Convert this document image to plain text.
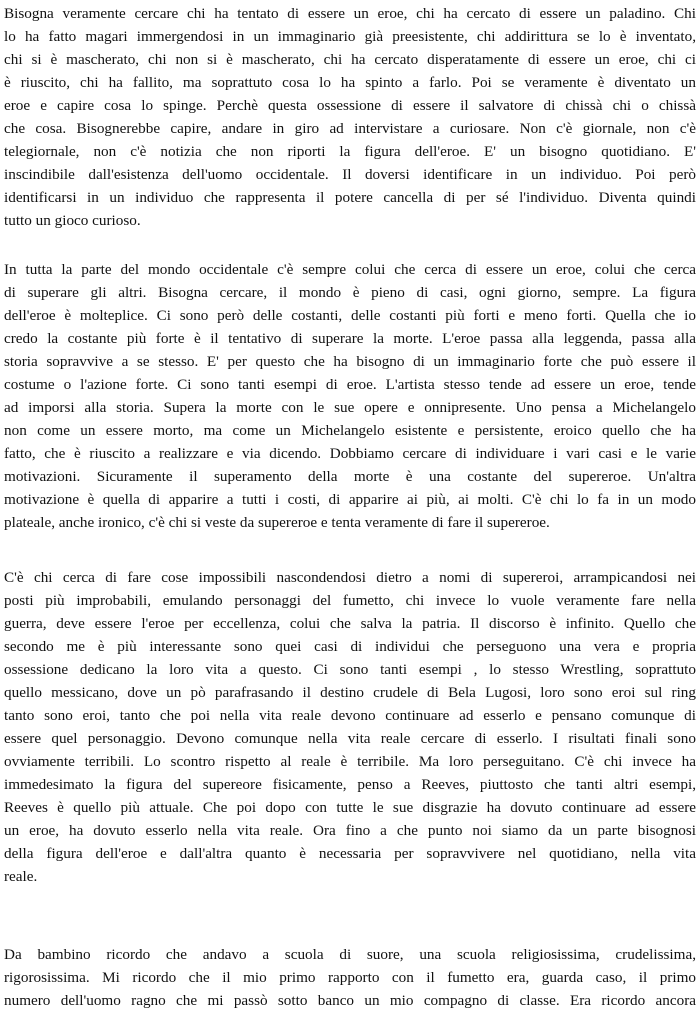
Bisogna veramente cercare chi ha tentato di essere un eroe, chi ha cercato di essere un paladino. Chi
lo ha fatto magari immergendosi in un immaginario già preesistente, chi addirittura se lo è inventato,
chi si è mascherato, chi non si è mascherato, chi ha cercato disperatamente di essere un eroe, chi ci
è riuscito, chi ha fallito, ma soprattuto cosa lo ha spinto a farlo. Poi se veramente è diventato un
eroe e capire cosa lo spinge. Perchè questa ossessione di essere il salvatore di chissà chi o chissà
che cosa. Bisognerebbe capire, andare in giro ad intervistare a curiosare. Non c'è giornale, non c'è
telegiornale, non c'è notizia che non riporti la figura dell'eroe. E' un bisogno quotidiano. E'
inscindibile dall'esistenza dell'uomo occidentale. Il doversi identificare in un individuo. Poi però
identificarsi in un individuo che rappresenta il potere cancella di per sé l'individuo. Diventa quindi
tutto un gioco curioso.
In tutta la parte del mondo occidentale c'è sempre colui che cerca di essere un eroe, colui che cerca
di superare gli altri. Bisogna cercare, il mondo è pieno di casi, ogni giorno, sempre. La figura
dell'eroe è molteplice. Ci sono però delle costanti, delle costanti più forti e meno forti. Quella che io
credo la costante più forte è il tentativo di superare la morte. L'eroe passa alla leggenda, passa alla
storia sopravvive a se stesso. E' per questo che ha bisogno di un immaginario forte che può essere il
costume o l'azione forte. Ci sono tanti esempi di eroe. L'artista stesso tende ad essere un eroe, tende
ad imporsi alla storia. Supera la morte con le sue opere e onnipresente. Uno pensa a Michelangelo
non come un essere morto, ma come un Michelangelo esistente e persistente, eroico quello che ha
fatto, che è riuscito a realizzare e via dicendo. Dobbiamo cercare di individuare i vari casi e le varie
motivazioni. Sicuramente il superamento della morte è una costante del supereroe. Un'altra
motivazione è quella di apparire a tutti i costi, di apparire ai più, ai molti. C'è chi lo fa in un modo
plateale, anche ironico, c'è chi si veste da supereroe e tenta veramente di fare il supereroe.
C'è chi cerca di fare cose impossibili nascondendosi dietro a nomi di supereroi, arrampicandosi nei
posti più improbabili, emulando personaggi del fumetto, chi invece lo vuole veramente fare nella
guerra, deve essere l'eroe per eccellenza, colui che salva la patria. Il discorso è infinito. Quello che
secondo me è più interessante sono quei casi di individui che perseguono una vera e propria
ossessione dedicano la loro vita a questo. Ci sono tanti esempi , lo stesso Wrestling, soprattuto
quello messicano, dove un pò parafrasando il destino crudele di Bela Lugosi, loro sono eroi sul ring
tanto sono eroi, tanto che poi nella vita reale devono continuare ad esserlo e pensano comunque di
essere quel personaggio. Devono comunque nella vita reale cercare di esserlo. I risultati finali sono
ovviamente terribili. Lo scontro rispetto al reale è terribile. Ma loro perseguitano. C'è chi invece ha
immedesimato la figura del supereore fisicamente, penso a Reeves, piuttosto che tanti altri esempi,
Reeves è quello più attuale. Che poi dopo con tutte le sue disgrazie ha dovuto continuare ad essere
un eroe, ha dovuto esserlo nella vita reale. Ora fino a che punto noi siamo da un parte bisognosi
della figura dell'eroe e dall'altra quanto è necessaria per sopravvivere nel quotidiano, nella vita
reale.
Da bambino ricordo che andavo a scuola di suore, una scuola religiosissima, crudelissima,
rigorosissima. Mi ricordo che il mio primo rapporto con il fumetto era, guarda caso, il primo
numero dell'uomo ragno che mi passò sotto banco un mio compagno di classe. Era ricordo ancora
